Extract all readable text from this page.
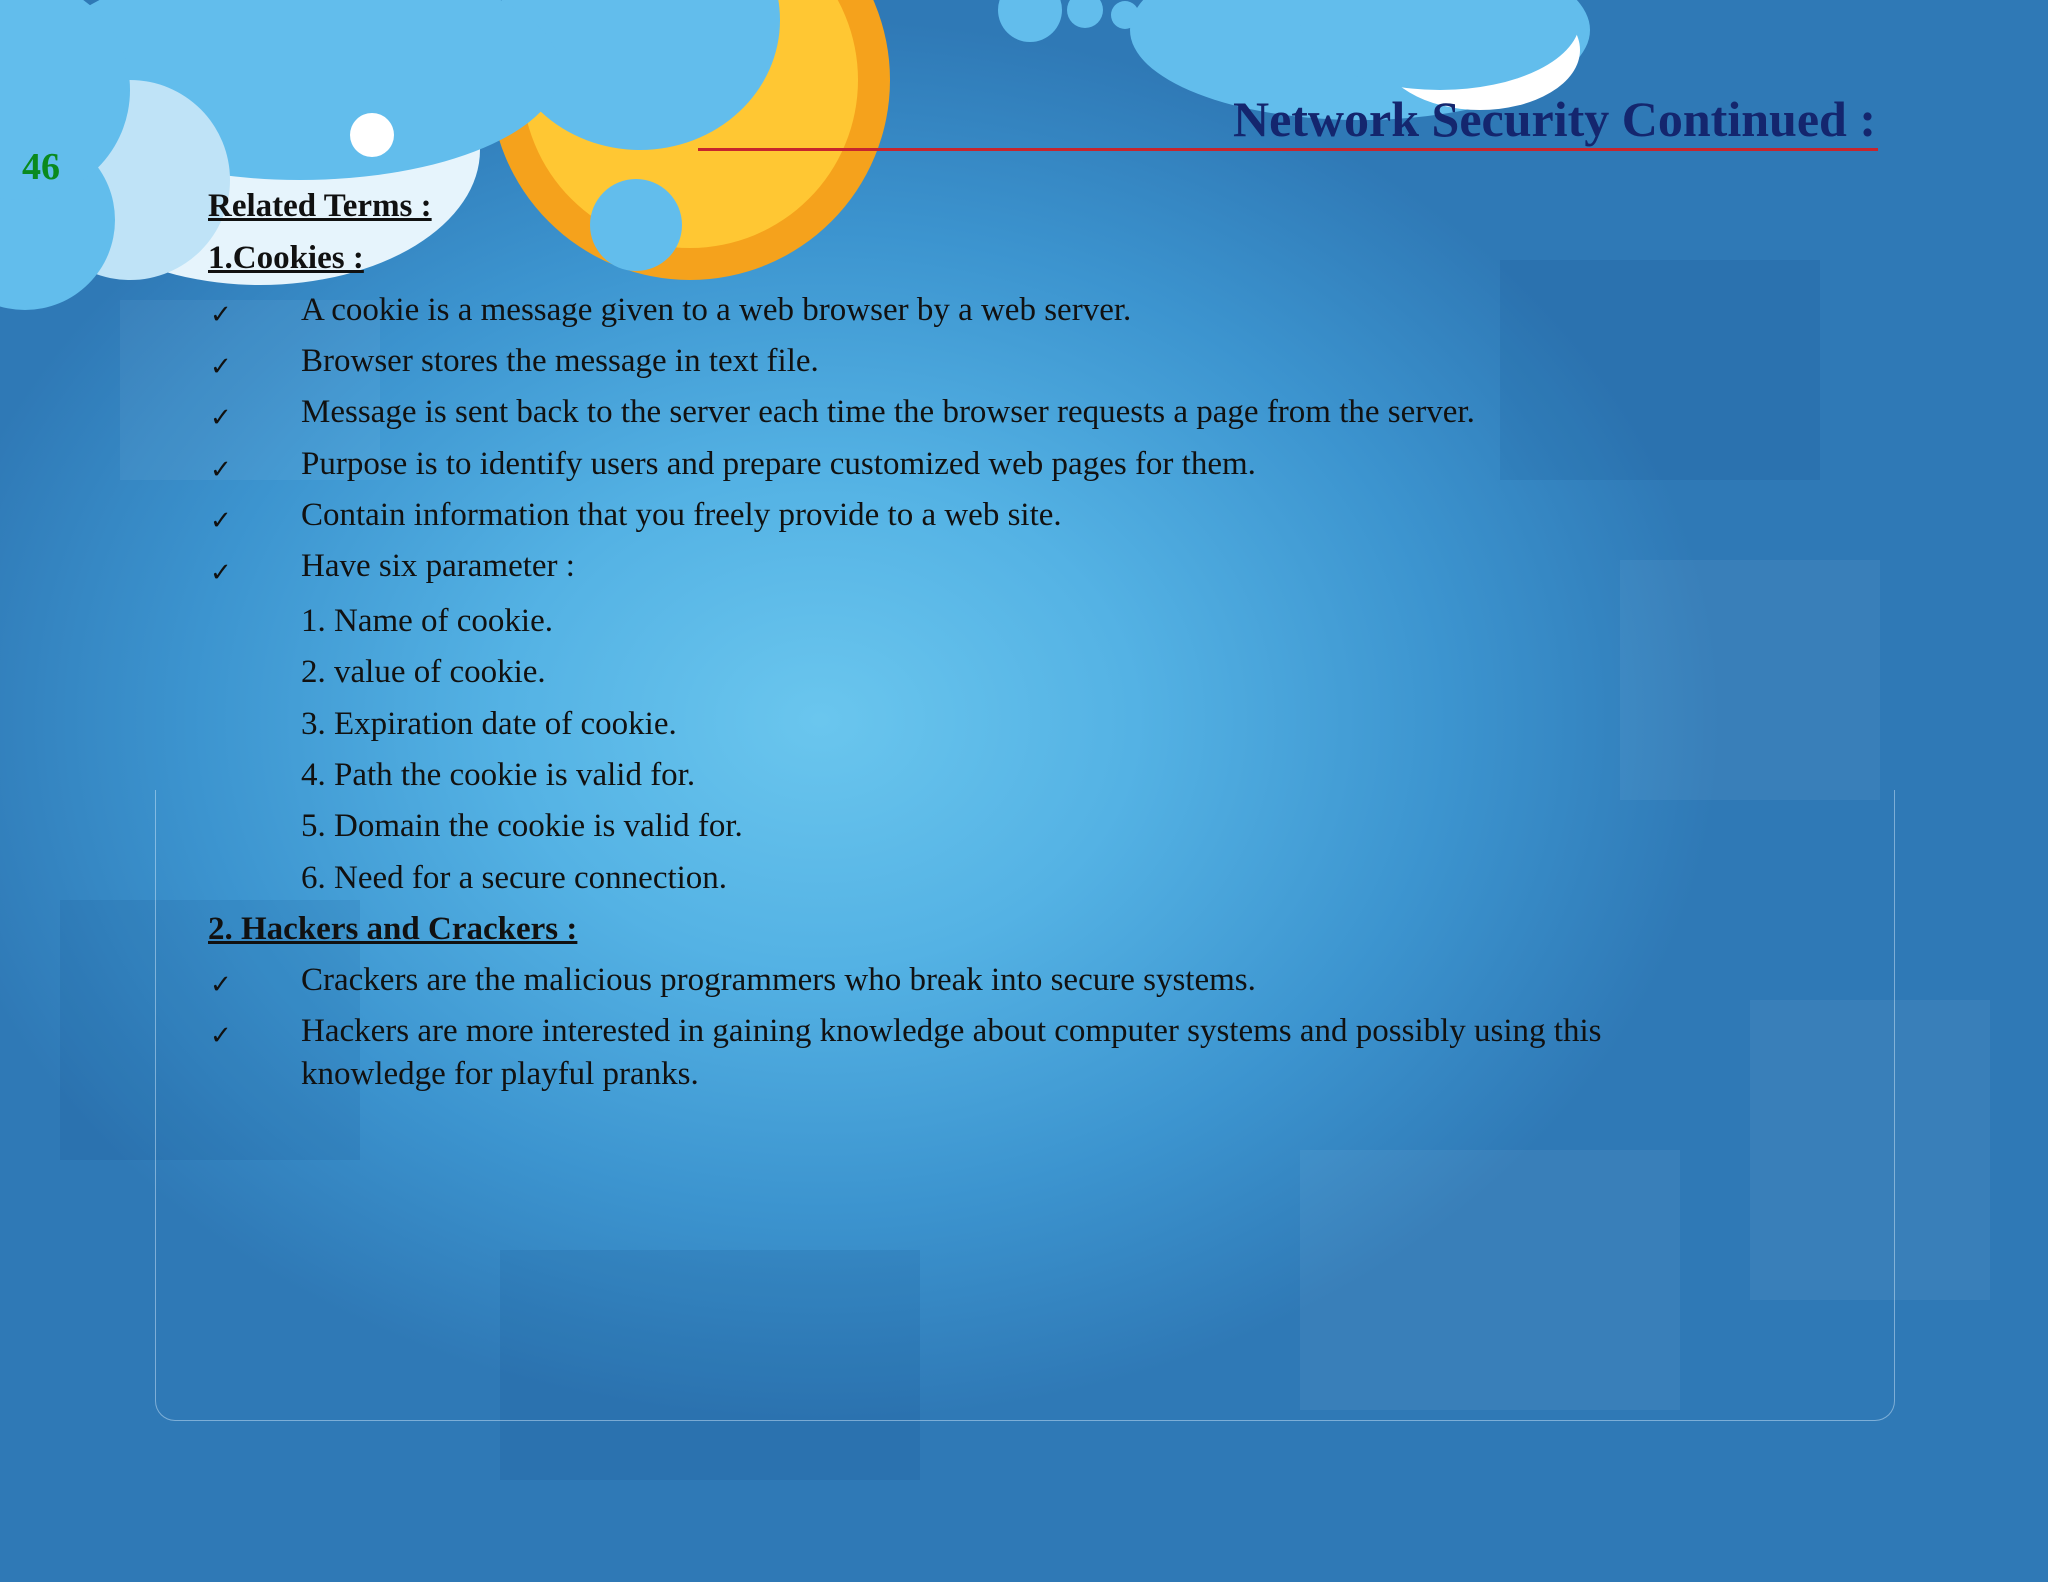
46
Network Security Continued :
Related Terms :
1.Cookies :
✓ A cookie is a message given to a web browser by a web server.
✓ Browser stores the message in text file.
✓ Message is sent back to the server each time the browser requests a page from the server.
✓ Purpose is to identify users and prepare customized web pages for them.
✓ Contain information that you freely provide to a web site.
✓ Have six parameter :
1. Name of cookie.
2. value of cookie.
3. Expiration date of cookie.
4. Path the cookie is valid for.
5. Domain the cookie is valid for.
6. Need for a secure connection.
2. Hackers and Crackers :
✓ Crackers are the malicious programmers who break into secure systems.
✓ Hackers are more interested in gaining knowledge about computer systems and possibly using this
knowledge for playful pranks.
